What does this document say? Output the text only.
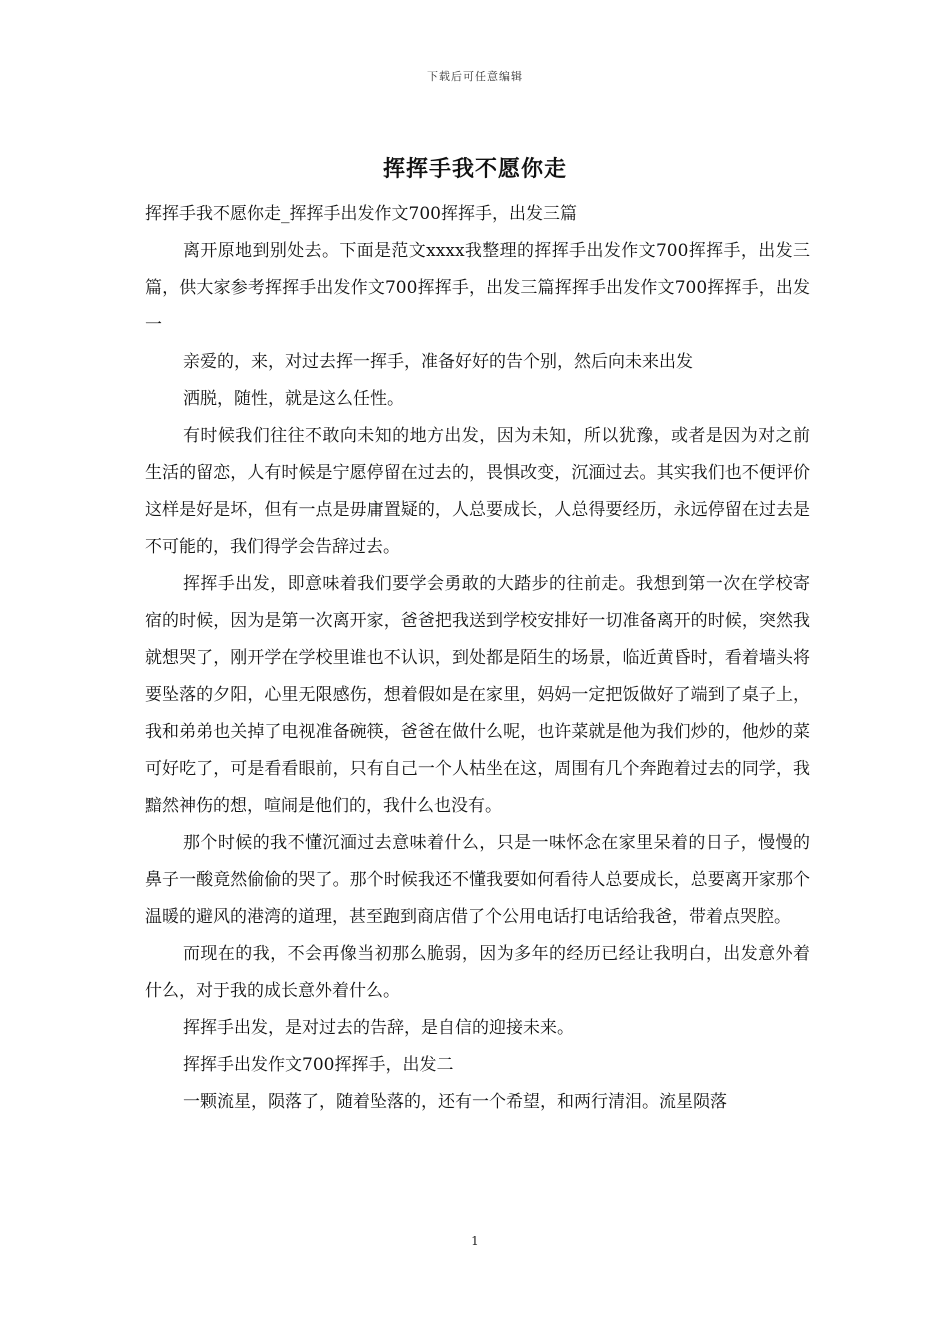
下载后可任意编辑
挥挥手我不愿你走

挥挥手我不愿你走_挥挥手出发作文700挥挥手，出发三篇

离开原地到别处去。下面是范文xxxx我整理的挥挥手出发作文700挥挥手，出发三篇，供大家参考挥挥手出发作文700挥挥手，出发三篇挥挥手出发作文700挥挥手，出发一

亲爱的，来，对过去挥一挥手，准备好好的告个别，然后向未来出发

洒脱，随性，就是这么任性。

有时候我们往往不敢向未知的地方出发，因为未知，所以犹豫，或者是因为对之前生活的留恋，人有时候是宁愿停留在过去的，畏惧改变，沉湎过去。其实我们也不便评价这样是好是坏，但有一点是毋庸置疑的，人总要成长，人总得要经历，永远停留在过去是不可能的，我们得学会告辞过去。

挥挥手出发，即意味着我们要学会勇敢的大踏步的往前走。我想到第一次在学校寄宿的时候，因为是第一次离开家，爸爸把我送到学校安排好一切准备离开的时候，突然我就想哭了，刚开学在学校里谁也不认识，到处都是陌生的场景，临近黄昏时，看着墙头将要坠落的夕阳，心里无限感伤，想着假如是在家里，妈妈一定把饭做好了端到了桌子上，我和弟弟也关掉了电视准备碗筷，爸爸在做什么呢，也许菜就是他为我们炒的，他炒的菜可好吃了，可是看看眼前，只有自己一个人枯坐在这，周围有几个奔跑着过去的同学，我黯然神伤的想，喧闹是他们的，我什么也没有。

那个时候的我不懂沉湎过去意味着什么，只是一味怀念在家里呆着的日子，慢慢的鼻子一酸竟然偷偷的哭了。那个时候我还不懂我要如何看待人总要成长，总要离开家那个温暖的避风的港湾的道理，甚至跑到商店借了个公用电话打电话给我爸，带着点哭腔。

而现在的我，不会再像当初那么脆弱，因为多年的经历已经让我明白，出发意外着什么，对于我的成长意外着什么。

挥挥手出发，是对过去的告辞，是自信的迎接未来。

挥挥手出发作文700挥挥手，出发二

一颗流星，陨落了，随着坠落的，还有一个希望，和两行清泪。流星陨落

1
